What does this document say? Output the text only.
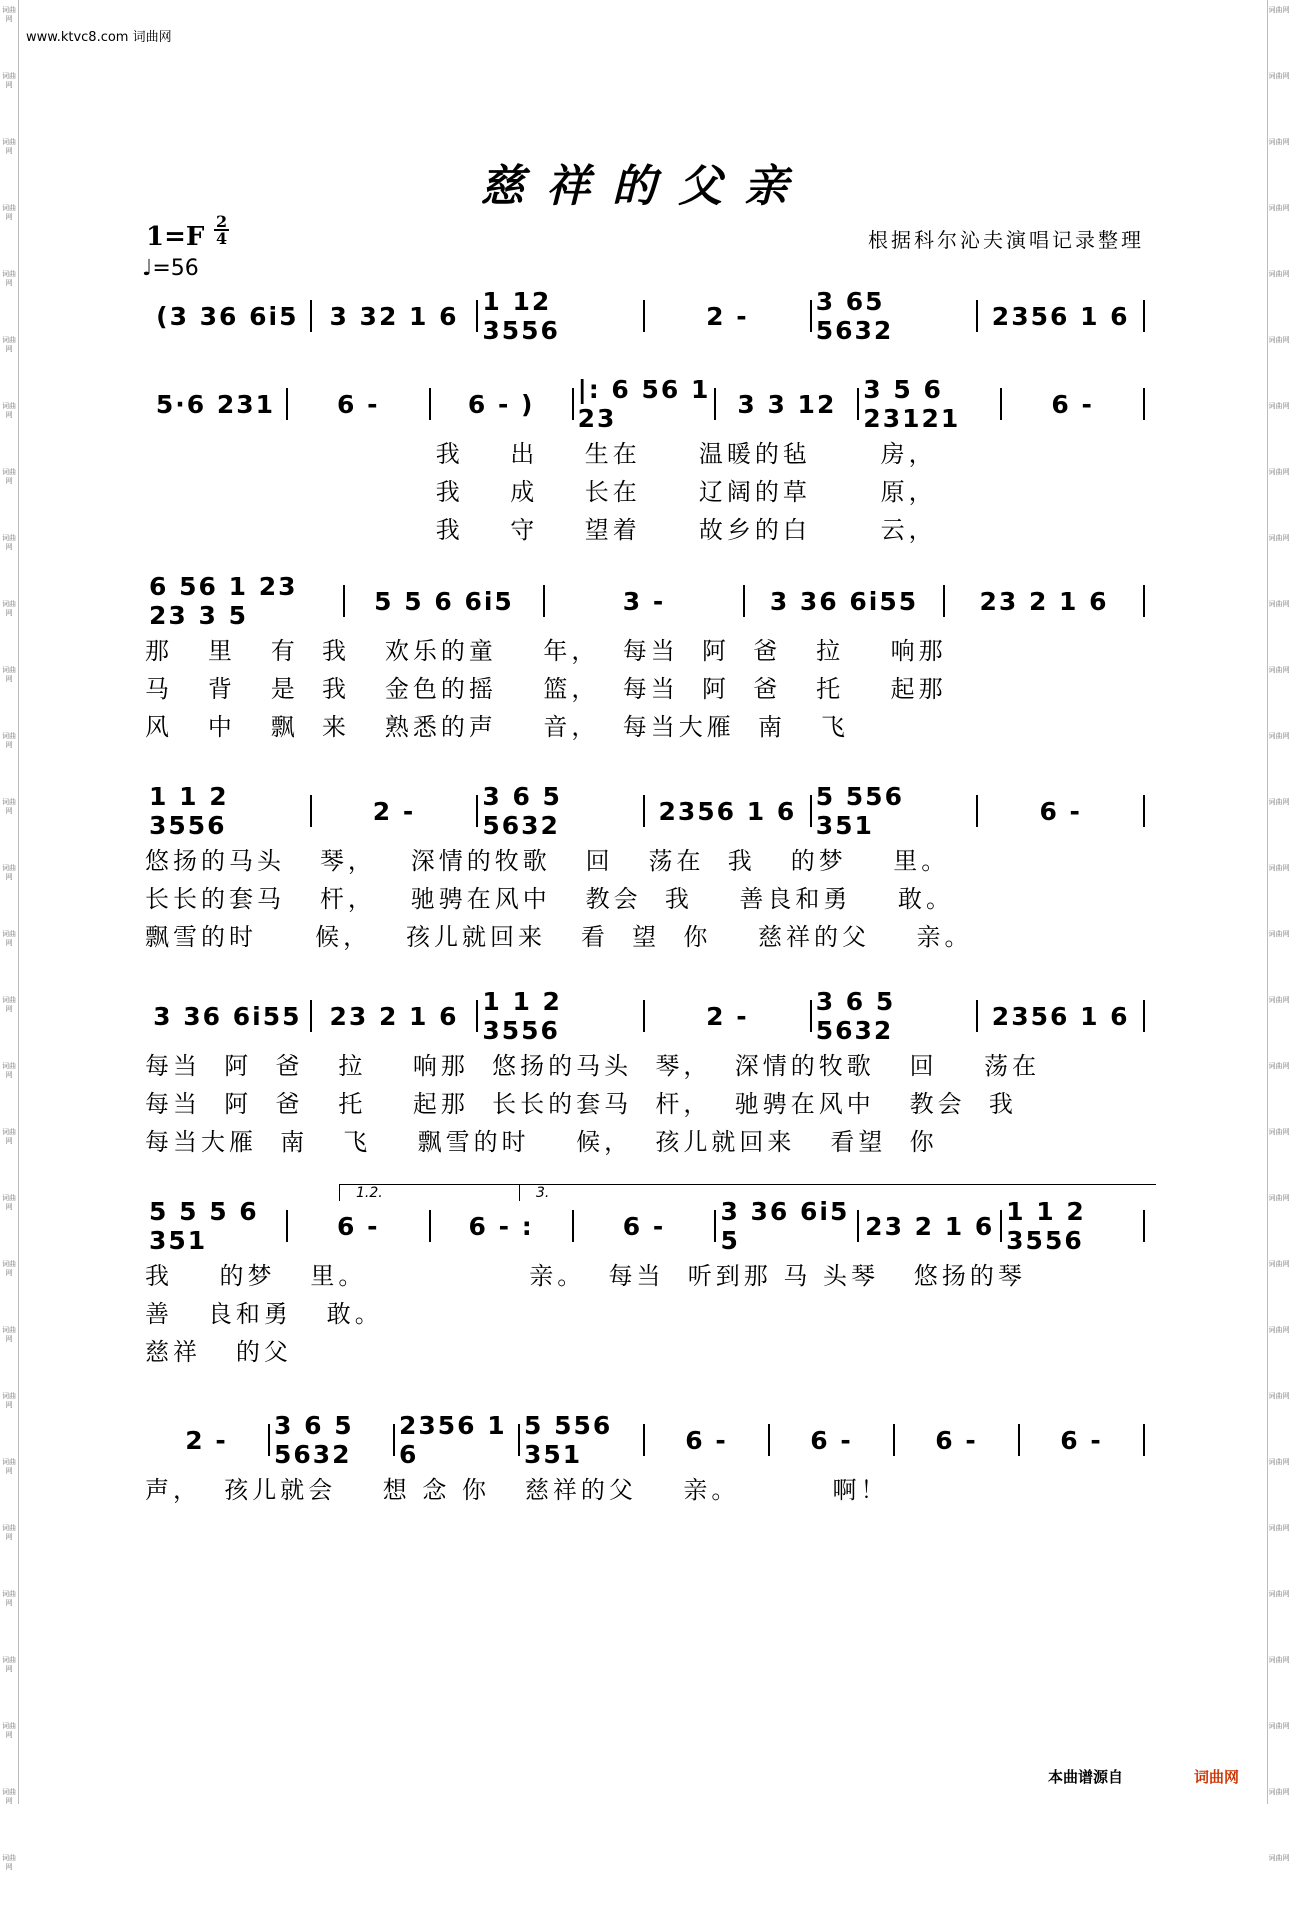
词曲网
词曲网
词曲网
词曲网
词曲网
词曲网
词曲网
词曲网
词曲网
词曲网
词曲网
词曲网
词曲网
词曲网
词曲网
词曲网
词曲网
词曲网
词曲网
词曲网
词曲网
词曲网
词曲网
词曲网
词曲网
词曲网
词曲网
词曲网
词曲网
词曲网
词曲网
词曲网
词曲网
词曲网
词曲网
词曲网
词曲网
词曲网
词曲网
词曲网
词曲网
词曲网
词曲网
词曲网
词曲网
词曲网
词曲网
词曲网
词曲网
词曲网
词曲网
词曲网
词曲网
词曲网
词曲网
词曲网
词曲网
词曲网
www.ktvc8.com 词曲网
慈祥的父亲
1=F
2
4
♩=56
根据科尔沁夫演唱记录整理
(3 36 6i5	3 32 1 6 1 12 3556	2 -	3 65 5632	2356 1 6
5·6 231	6 -	6 - )	|: 6 56 1 23	3 3 12	3 5 6 23121	6 -
我    出    生在     温暖的毡      房，
我    成    长在     辽阔的草      原，
我    守    望着     故乡的白      云，
6 56 1 23 23 3 5	5 5 6 6i5	3 -	3 36 6i55	23 2 1 6
那   里   有  我   欢乐的童    年，  每当  阿  爸   拉    响那
马   背   是  我   金色的摇    篮，  每当  阿  爸   托    起那
风   中   飘  来   熟悉的声    音，  每当大雁  南   飞
1 1 2 3556	2 -	3 6 5 5632	2356 1 6 5 556 351	6 -
悠扬的马头   琴，   深情的牧歌   回   荡在  我   的梦    里。
长长的套马   杆，   驰骋在风中   教会  我    善良和勇    敢。
飘雪的时     候，   孩儿就回来   看  望  你    慈祥的父    亲。
3 36 6i55	23 2 1 6 1 1 2 3556	2 -	3 6 5 5632	2356 1 6
每当  阿  爸   拉    响那  悠扬的马头  琴，  深情的牧歌   回    荡在
每当  阿  爸   托    起那  长长的套马  杆，  驰骋在风中   教会  我
每当大雁  南   飞    飘雪的时    候，  孩儿就回来   看望  你
5 5 5 6 351	6 -	6 - :	6 -	3 36 6i5 5	23 2 1 6 1 1 2 3556
1.2.	3.
我    的梦   里。              亲。  每当  听到那 马 头琴   悠扬的琴
善   良和勇   敢。
慈祥   的父
2 -	3 6 5 5632
2356 1 6
5 556 351	6 -	6 -	6 -	6 -
声，  孩儿就会    想 念 你   慈祥的父    亲。        啊！
本曲谱源自	词曲网
